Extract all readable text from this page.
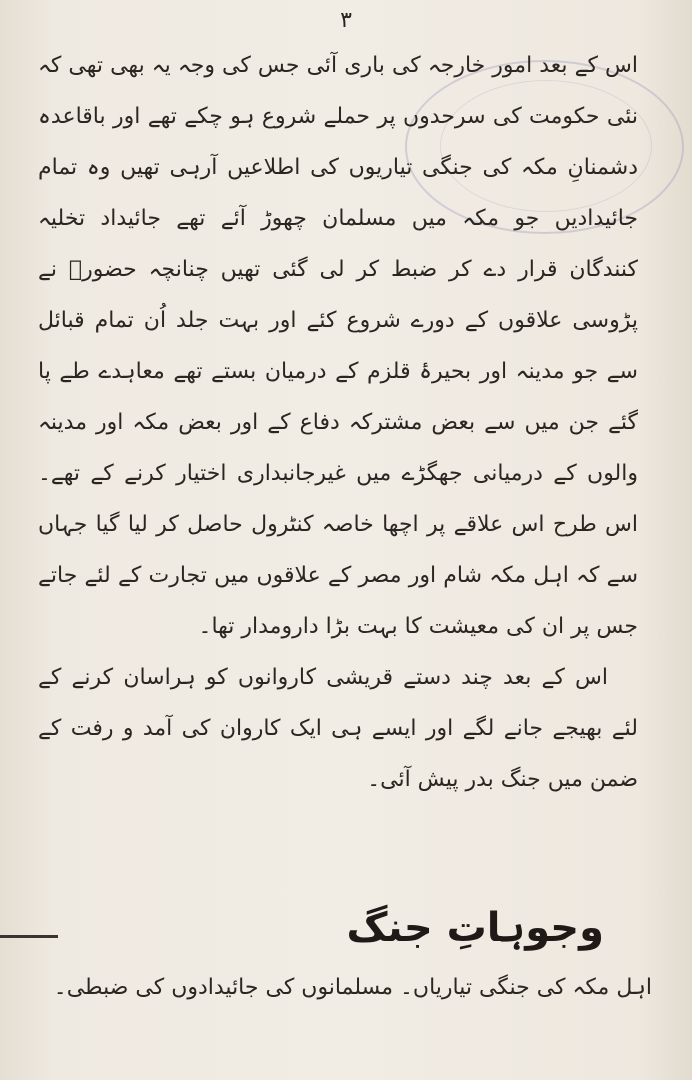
۳

اس کے بعد امور خارجہ کی باری آئی جس کی وجہ یہ بھی تھی کہ نئی حکومت کی سرحدوں پر حملے شروع ہو چکے تھے اور باقاعدہ دشمنانِ مکہ کی جنگی تیاریوں کی اطلاعیں آرہی تھیں وہ تمام جائیدادیں جو مکہ میں مسلمان چھوڑ آئے تھے جائیداد تخلیہ کنندگان قرار دے کر ضبط کر لی گئی تھیں چنانچہ حضورؐ نے پڑوسی علاقوں کے دورے شروع کئے اور بہت جلد اُن تمام قبائل سے جو مدینہ اور بحیرۂ قلزم کے درمیان بستے تھے معاہدے طے پا گئے جن میں سے بعض مشترکہ دفاع کے اور بعض مکہ اور مدینہ والوں کے درمیانی جھگڑے میں غیرجانبداری اختیار کرنے کے تھے۔ اس طرح اس علاقے پر اچھا خاصہ کنٹرول حاصل کر لیا گیا جہاں سے کہ اہل مکہ شام اور مصر کے علاقوں میں تجارت کے لئے جاتے جس پر ان کی معیشت کا بہت بڑا دارومدار تھا۔

اس کے بعد چند دستے قریشی کاروانوں کو ہراسان کرنے کے لئے بھیجے جانے لگے اور ایسے ہی ایک کاروان کی آمد و رفت کے ضمن میں جنگ بدر پیش آئی۔

وجوہاتِ جنگ
اہل مکہ کی جنگی تیاریاں۔ مسلمانوں کی جائیدادوں کی ضبطی۔
